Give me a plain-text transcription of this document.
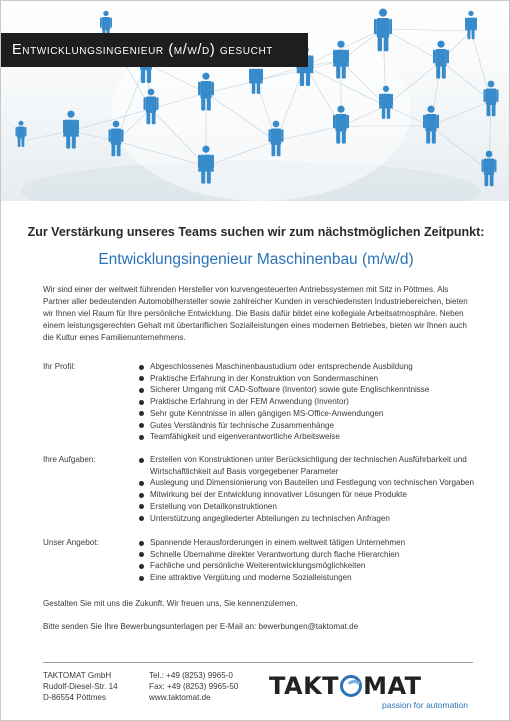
Entwicklungsingenieur (m/w/d) gesucht
Zur Verstärkung unseres Teams suchen wir zum nächstmöglichen Zeitpunkt:
Entwicklungsingenieur Maschinenbau (m/w/d)

Wir sind einer der weltweit führenden Hersteller von kurvengesteuerten Antriebssystemen mit Sitz in Pöttmes. Als Partner aller bedeutenden Automobilhersteller sowie zahlreicher Kunden in verschiedensten Industriebereichen, bieten wir Ihnen viel Raum für Ihre persönliche Entwicklung. Die Basis dafür bildet eine kollegiale Arbeitsatmosphäre. Neben einem leistungsgerechten Gehalt mit übertariflichen Sozialleistungen eines modernen Betriebes, bieten wir Ihnen auch die Kultur eines Familienunternehmens.

Ihr Profil:	Abgeschlossenes Maschinenbaustudium oder entsprechende Ausbildung
Praktische Erfahrung in der Konstruktion von Sondermaschinen
Sicherer Umgang mit CAD-Software (Inventor) sowie gute Englischkenntnisse
Praktische Erfahrung in der FEM Anwendung (Inventor)
Sehr gute Kenntnisse in allen gängigen MS-Office-Anwendungen
Gutes Verständnis für technische Zusammenhänge
Teamfähigkeit und eigenverantwortliche Arbeitsweise
Ihre Aufgaben:	Erstellen von Konstruktionen unter Berücksichtigung der technischen Ausführbarkeit und Wirtschaftlichkeit auf Basis vorgegebener Parameter
Auslegung und Dimensionierung von Bauteilen und Festlegung von technischen Vorgaben
Mitwirkung bei der Entwicklung innovativer Lösungen für neue Produkte
Erstellung von Detailkonstruktionen
Unterstützung angegliederter Abteilungen zu technischen Anfragen
Unser Angebot:	Spannende Herausforderungen in einem weltweit tätigen Unternehmen
Schnelle Übernahme direkter Verantwortung durch flache Hierarchien
Fachliche und persönliche Weiterentwicklungsmöglichkeiten
Eine attraktive Vergütung und moderne Sozialleistungen
Gestalten Sie mit uns die Zukunft. Wir freuen uns, Sie kennenzulernen.
Bitte senden Sie Ihre Bewerbungsunterlagen per E-Mail an: bewerbungen@taktomat.de
TAKTOMAT GmbH
Rudolf-Diesel-Str. 14
D-86554 Pöttmes
Tel.: +49 (8253) 9965-0
Fax: +49 (8253) 9965-50
www.taktomat.de	TAKT MAT
passion for automation
